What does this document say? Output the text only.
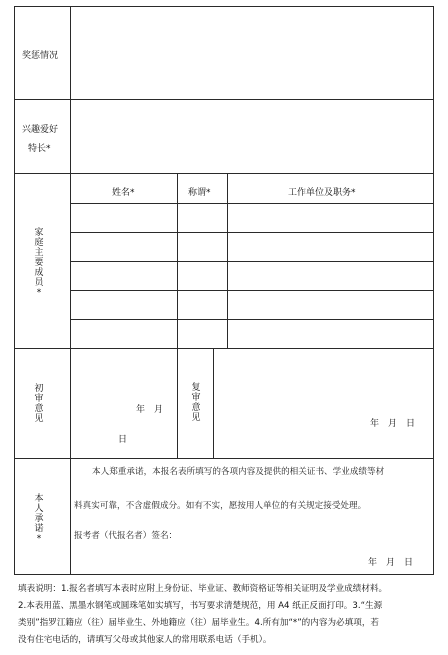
奖惩情况
兴趣爱好
特长*
家
庭
主
要
成
员
*
姓名*	称谓*	工作单位及职务*
初
审
意
见
年　月
日
复
审
意
见
年　月　日
本
人
承
诺
*
本人郑重承诺，本报名表所填写的各项内容及提供的相关证书、学业成绩等材
料真实可靠，不含虚假成分。如有不实，愿按用人单位的有关规定接受处理。
报考者（代报名者）签名：
年　月　日

填表说明：1.报名者填写本表时应附上身份证、毕业证、教师资格证等相关证明及学业成绩材料。

2.本表用蓝、黑墨水钢笔或圆珠笔如实填写，书写要求清楚规范，用 A4 纸正反面打印。3.“生源

类别”指罗江籍应（往）届毕业生、外地籍应（往）届毕业生。4.所有加“*”的内容为必填项，若

没有住宅电话的，请填写父母或其他家人的常用联系电话（手机）。
